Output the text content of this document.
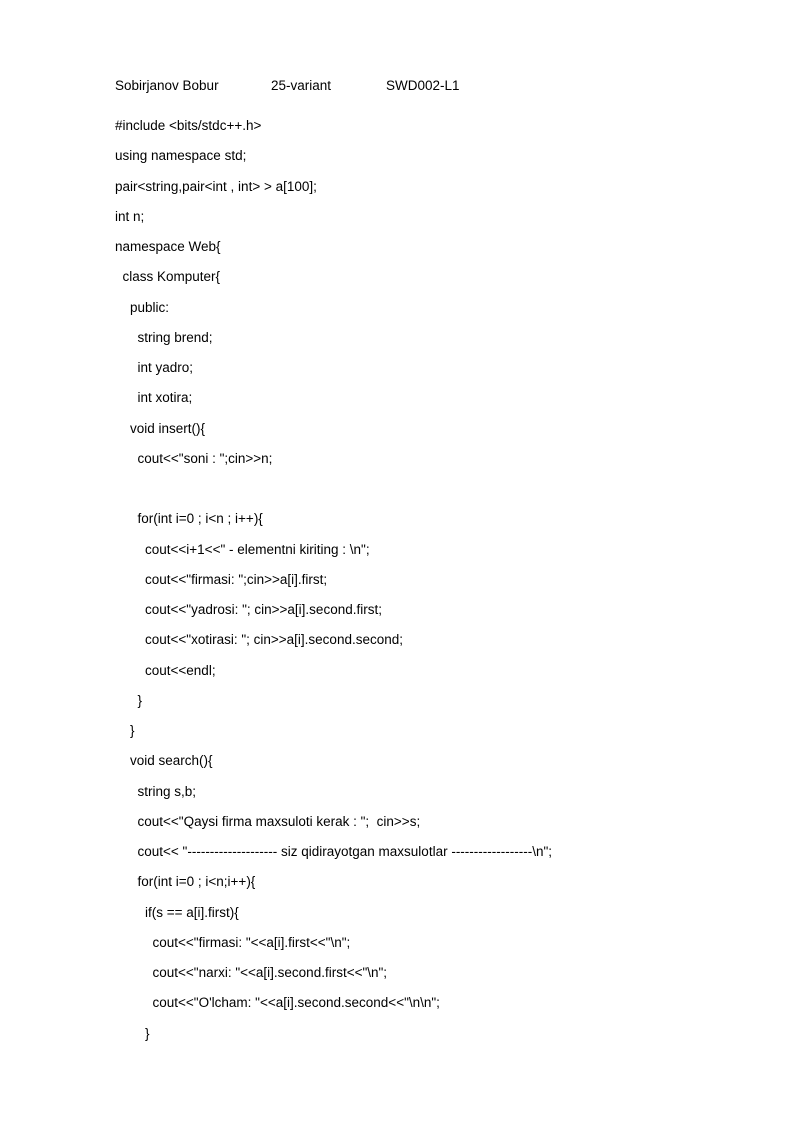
Sobirjanov Bobur

	25-variant

	SWD002-L1

#include <bits/stdc++.h>
using namespace std;
pair<string,pair<int , int> > a[100];
int n;
namespace Web{
class Komputer{
public:
string brend;
int yadro;
int xotira;
void insert(){
cout<<"soni : ";cin>>n;
for(int i=0 ; i<n ; i++){
cout<<i+1<<" - elementni kiriting : \n";
cout<<"firmasi: ";cin>>a[i].first;
cout<<"yadrosi: "; cin>>a[i].second.first;
cout<<"xotirasi: "; cin>>a[i].second.second;
cout<<endl;
}
}
void search(){
string s,b;
cout<<"Qaysi firma maxsuloti kerak : ";  cin>>s;
cout<< "-------------------- siz qidirayotgan maxsulotlar ------------------\n";
for(int i=0 ; i<n;i++){
if(s == a[i].first){
cout<<"firmasi: "<<a[i].first<<"\n";
cout<<"narxi: "<<a[i].second.first<<"\n";
cout<<"O'lcham: "<<a[i].second.second<<"\n\n";
}
